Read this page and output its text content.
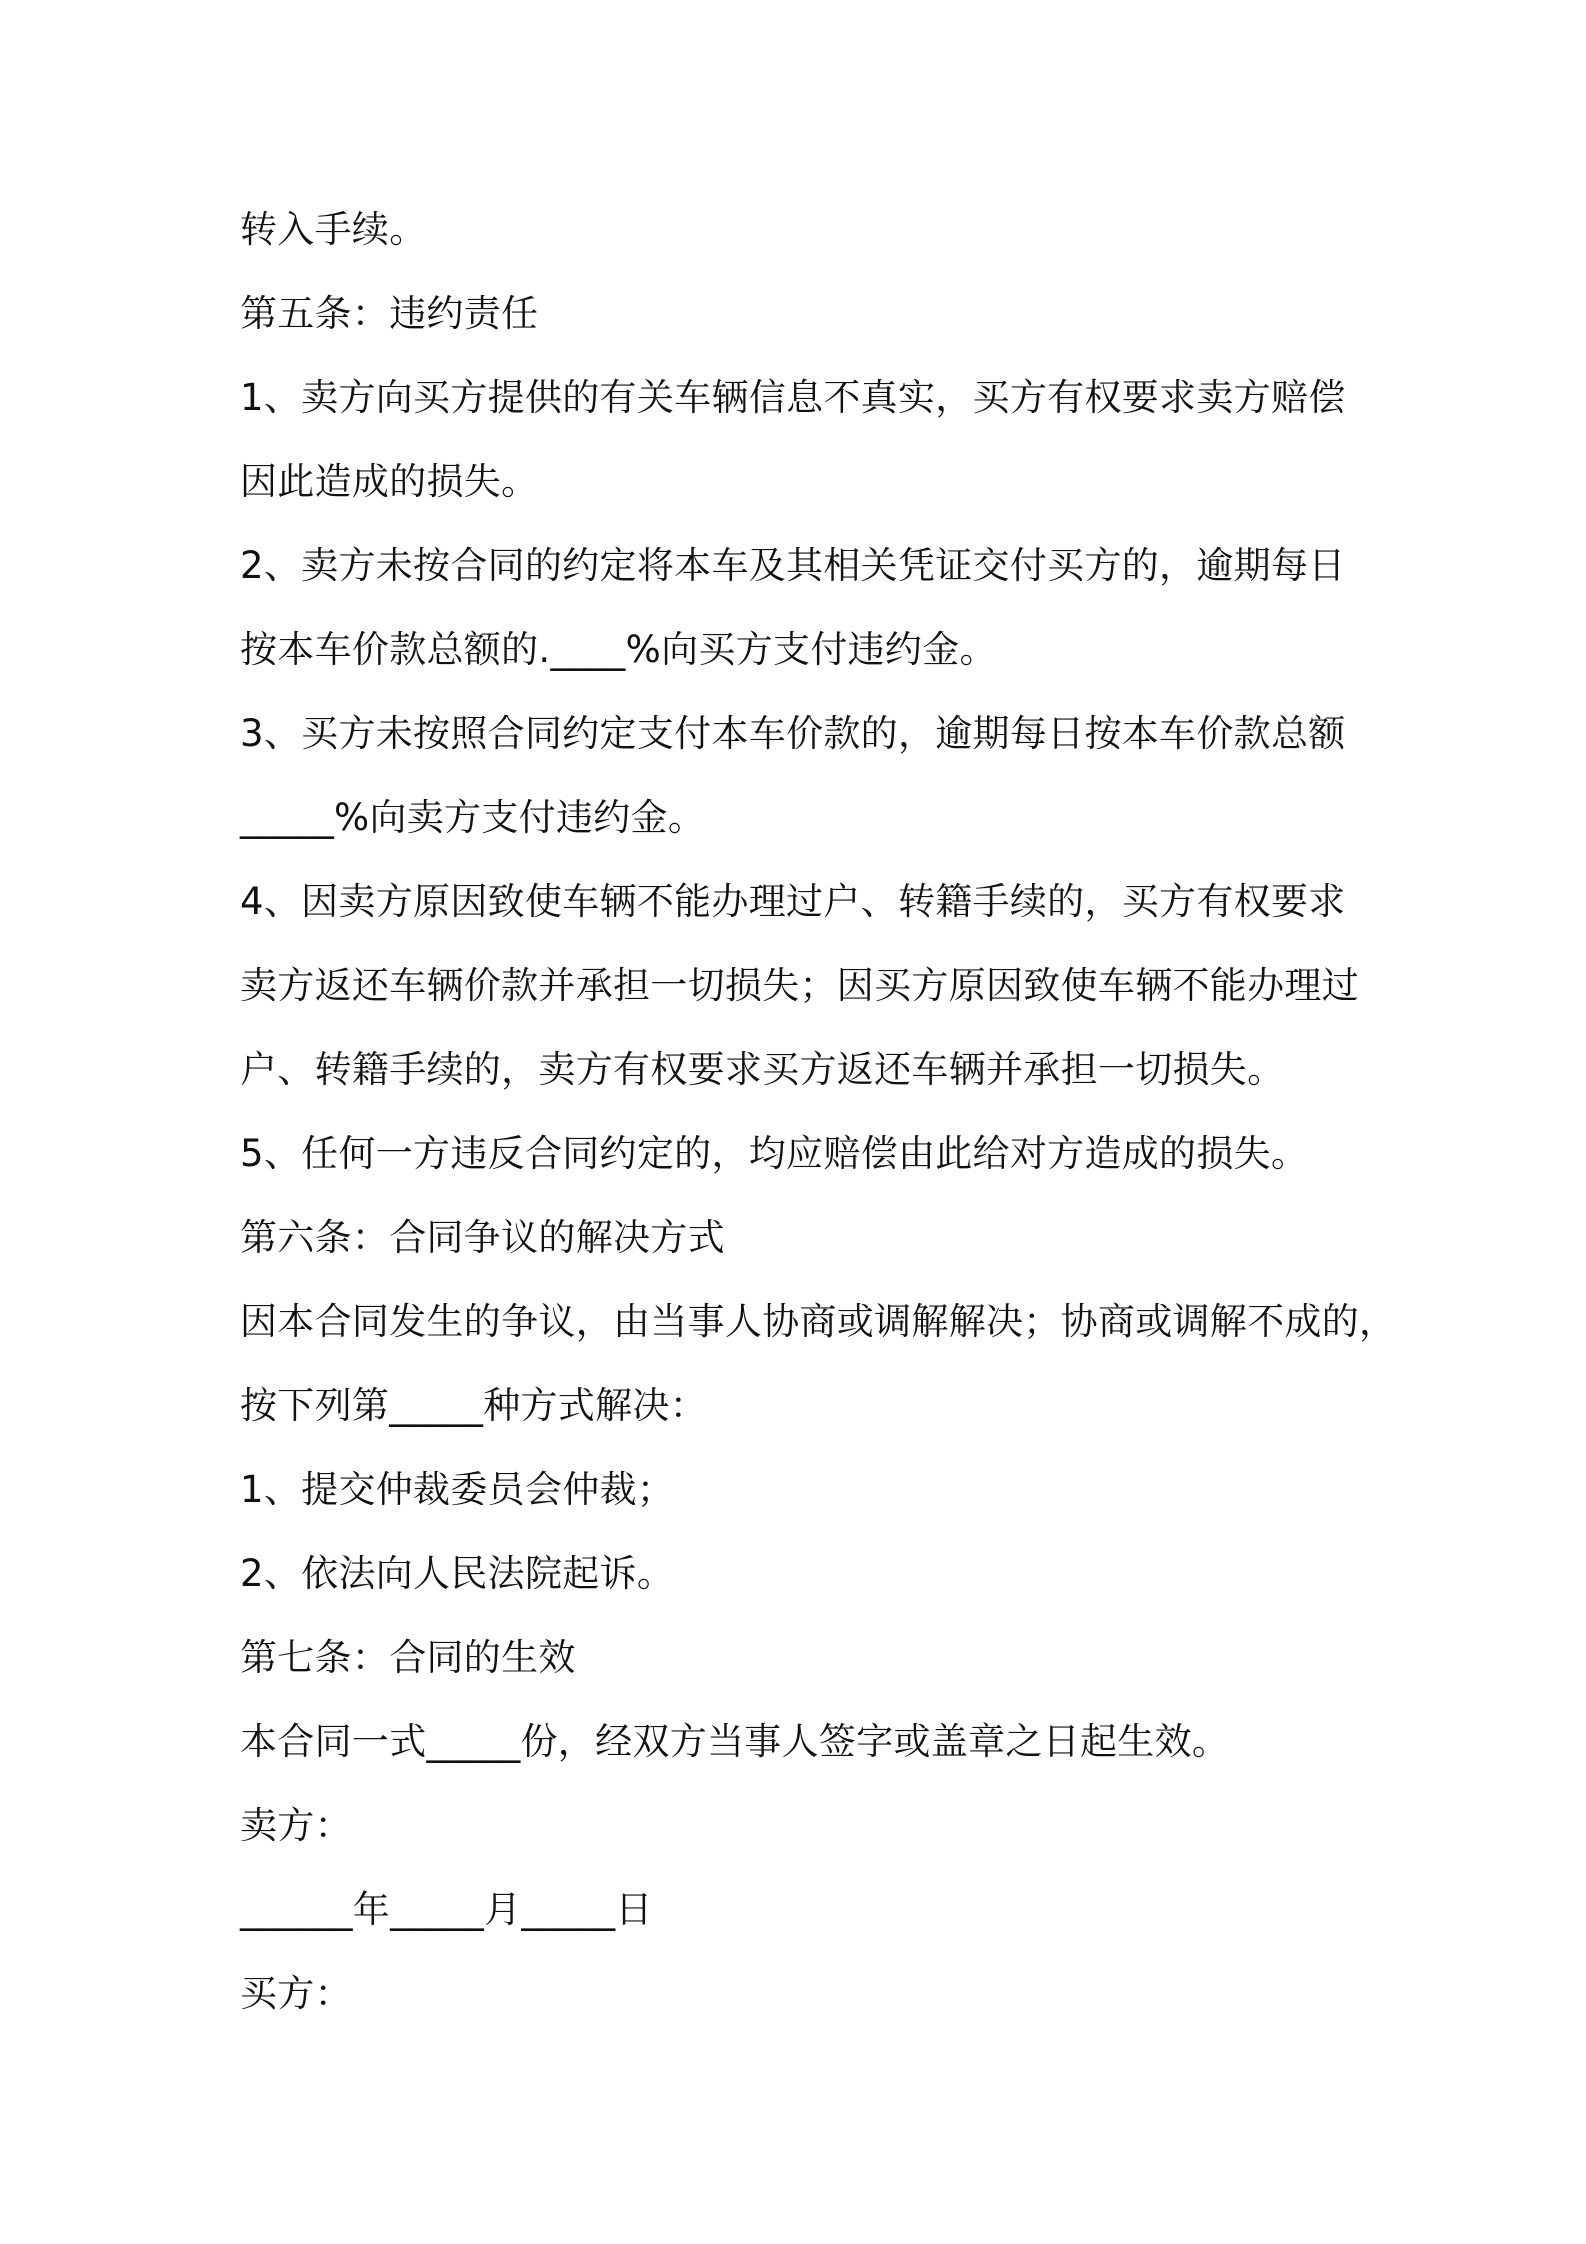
转入手续。
第五条：违约责任
1、卖方向买方提供的有关车辆信息不真实，买方有权要求卖方赔偿
因此造成的损失。
2、卖方未按合同的约定将本车及其相关凭证交付买方的，逾期每日
按本车价款总额的.____%向买方支付违约金。
3、买方未按照合同约定支付本车价款的，逾期每日按本车价款总额
_____%向卖方支付违约金。
4、因卖方原因致使车辆不能办理过户、转籍手续的，买方有权要求
卖方返还车辆价款并承担一切损失；因买方原因致使车辆不能办理过
户、转籍手续的，卖方有权要求买方返还车辆并承担一切损失。
5、任何一方违反合同约定的，均应赔偿由此给对方造成的损失。
第六条：合同争议的解决方式
因本合同发生的争议，由当事人协商或调解解决；协商或调解不成的，
按下列第_____种方式解决：
1、提交仲裁委员会仲裁；
2、依法向人民法院起诉。
第七条：合同的生效
本合同一式_____份，经双方当事人签字或盖章之日起生效。
卖方：
______年_____月_____日
买方：
